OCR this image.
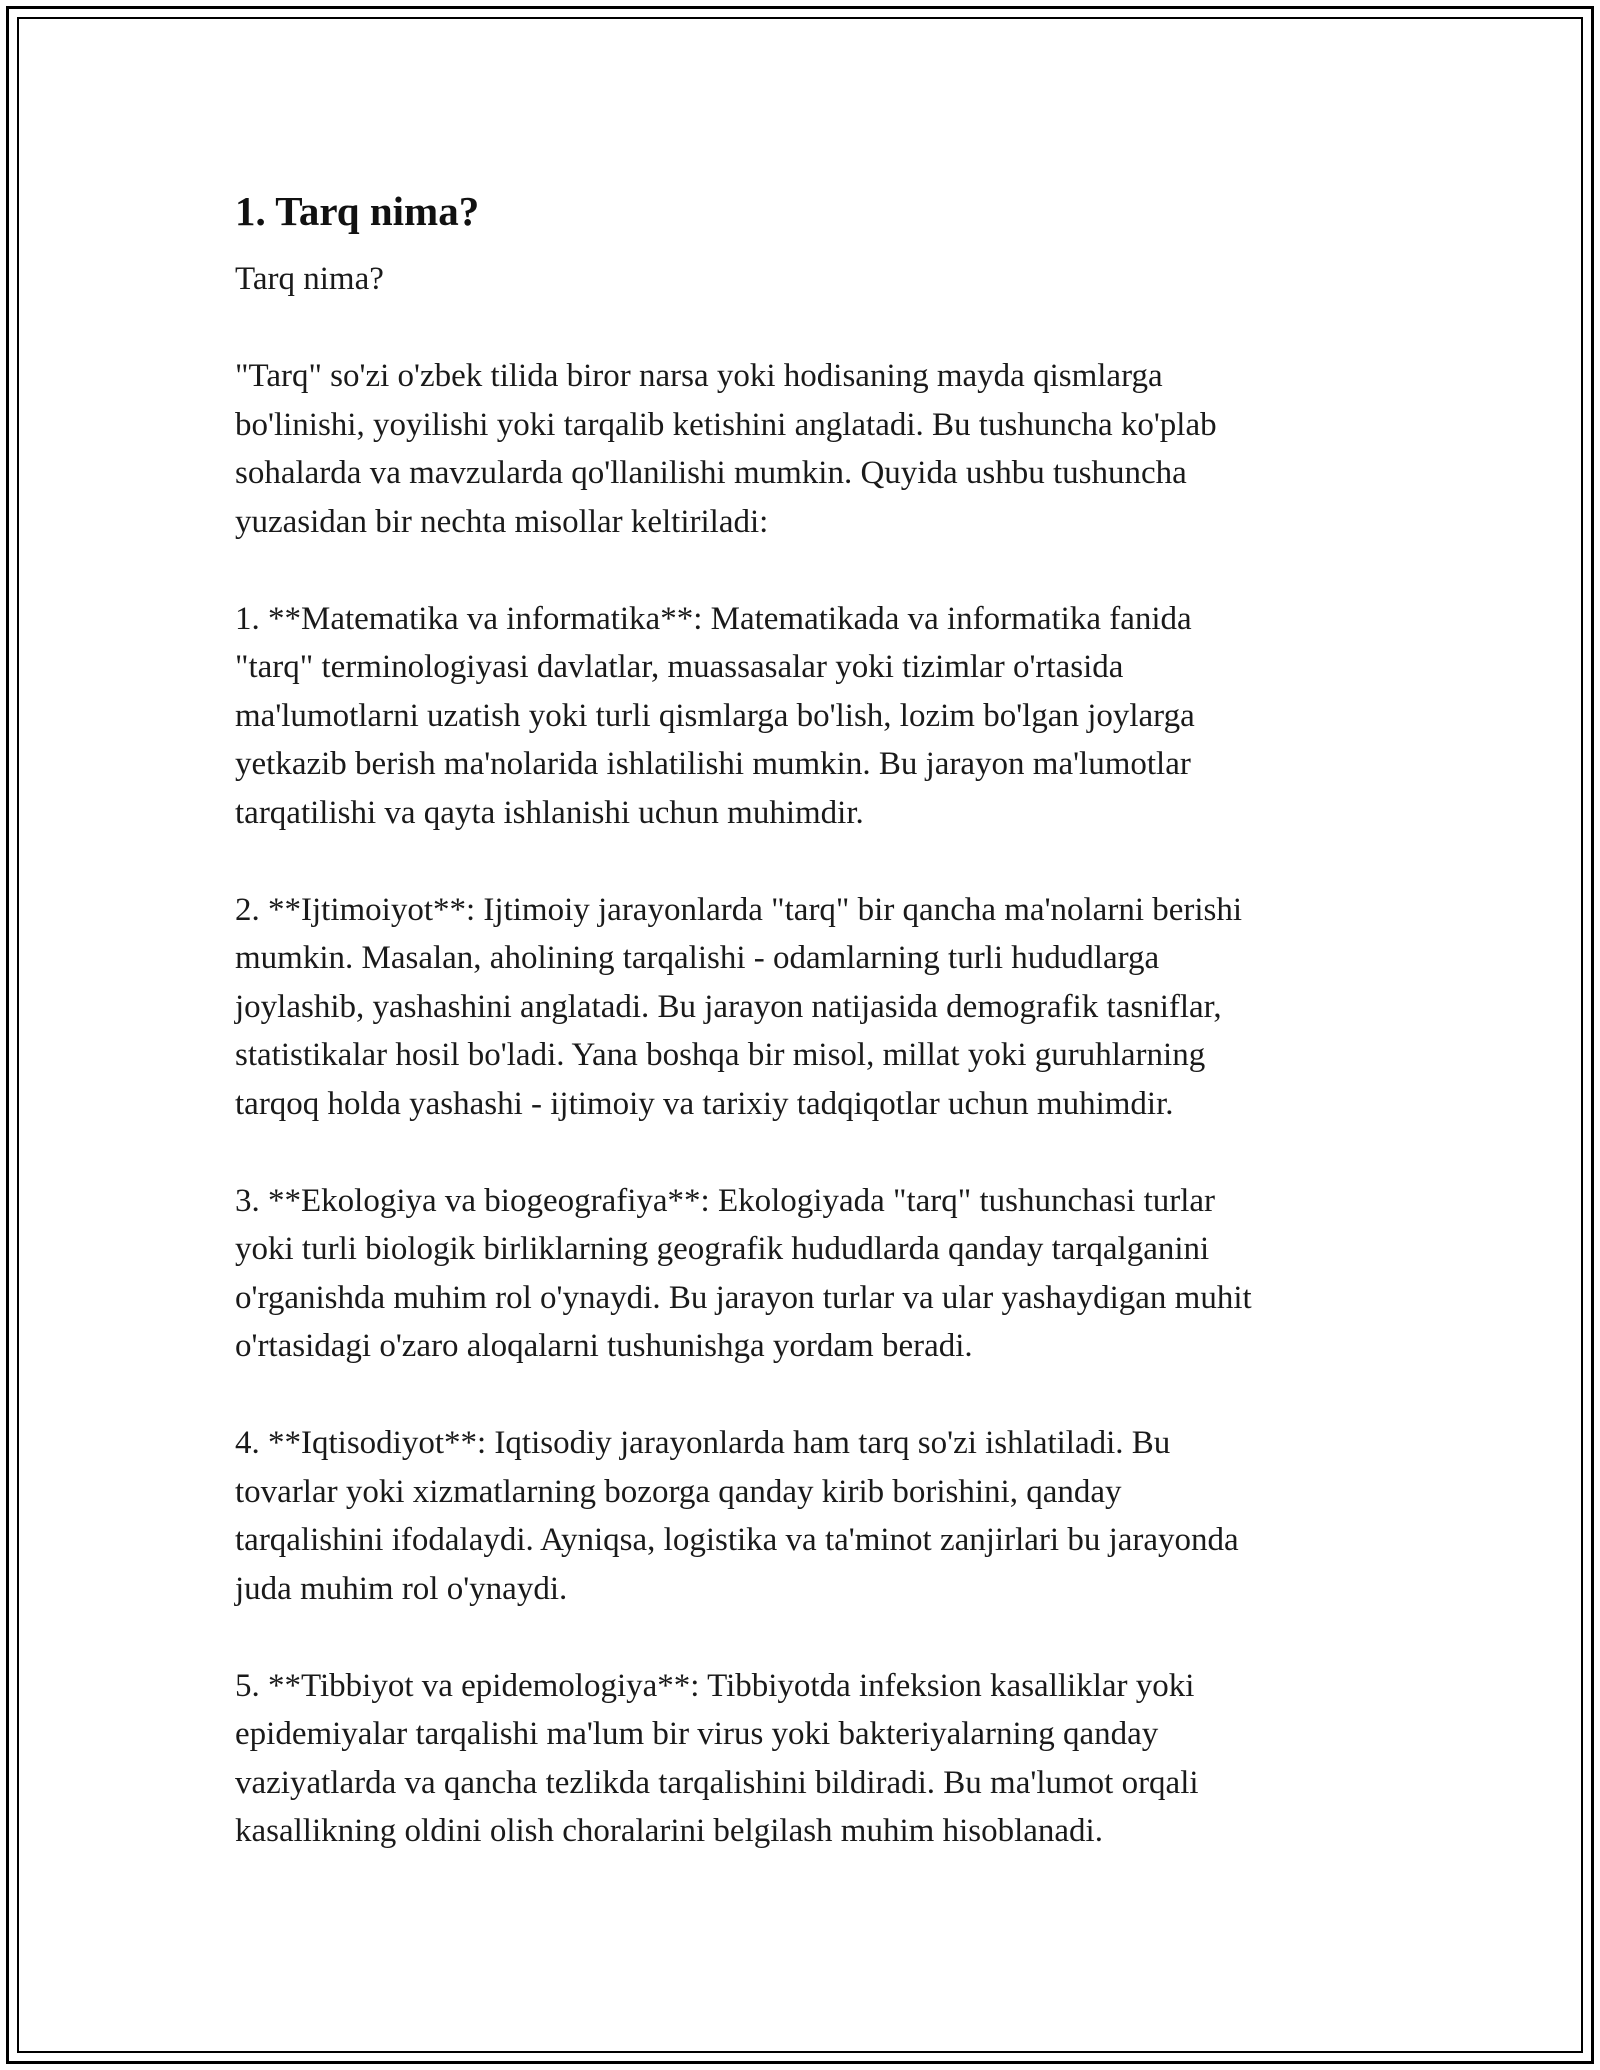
1. Tarq nima?

Tarq nima?

"Tarq" so'zi o'zbek tilida biror narsa yoki hodisaning mayda qismlarga
bo'linishi, yoyilishi yoki tarqalib ketishini anglatadi. Bu tushuncha ko'plab
sohalarda va mavzularda qo'llanilishi mumkin. Quyida ushbu tushuncha
yuzasidan bir nechta misollar keltiriladi:

1. **Matematika va informatika**: Matematikada va informatika fanida
"tarq" terminologiyasi davlatlar, muassasalar yoki tizimlar o'rtasida
ma'lumotlarni uzatish yoki turli qismlarga bo'lish, lozim bo'lgan joylarga
yetkazib berish ma'nolarida ishlatilishi mumkin. Bu jarayon ma'lumotlar
tarqatilishi va qayta ishlanishi uchun muhimdir.

2. **Ijtimoiyot**: Ijtimoiy jarayonlarda "tarq" bir qancha ma'nolarni berishi
mumkin. Masalan, aholining tarqalishi - odamlarning turli hududlarga
joylashib, yashashini anglatadi. Bu jarayon natijasida demografik tasniflar,
statistikalar hosil bo'ladi. Yana boshqa bir misol, millat yoki guruhlarning
tarqoq holda yashashi - ijtimoiy va tarixiy tadqiqotlar uchun muhimdir.

3. **Ekologiya va biogeografiya**: Ekologiyada "tarq" tushunchasi turlar
yoki turli biologik birliklarning geografik hududlarda qanday tarqalganini
o'rganishda muhim rol o'ynaydi. Bu jarayon turlar va ular yashaydigan muhit
o'rtasidagi o'zaro aloqalarni tushunishga yordam beradi.

4. **Iqtisodiyot**: Iqtisodiy jarayonlarda ham tarq so'zi ishlatiladi. Bu
tovarlar yoki xizmatlarning bozorga qanday kirib borishini, qanday
tarqalishini ifodalaydi. Ayniqsa, logistika va ta'minot zanjirlari bu jarayonda
juda muhim rol o'ynaydi.

5. **Tibbiyot va epidemologiya**: Tibbiyotda infeksion kasalliklar yoki
epidemiyalar tarqalishi ma'lum bir virus yoki bakteriyalarning qanday
vaziyatlarda va qancha tezlikda tarqalishini bildiradi. Bu ma'lumot orqali
kasallikning oldini olish choralarini belgilash muhim hisoblanadi.
